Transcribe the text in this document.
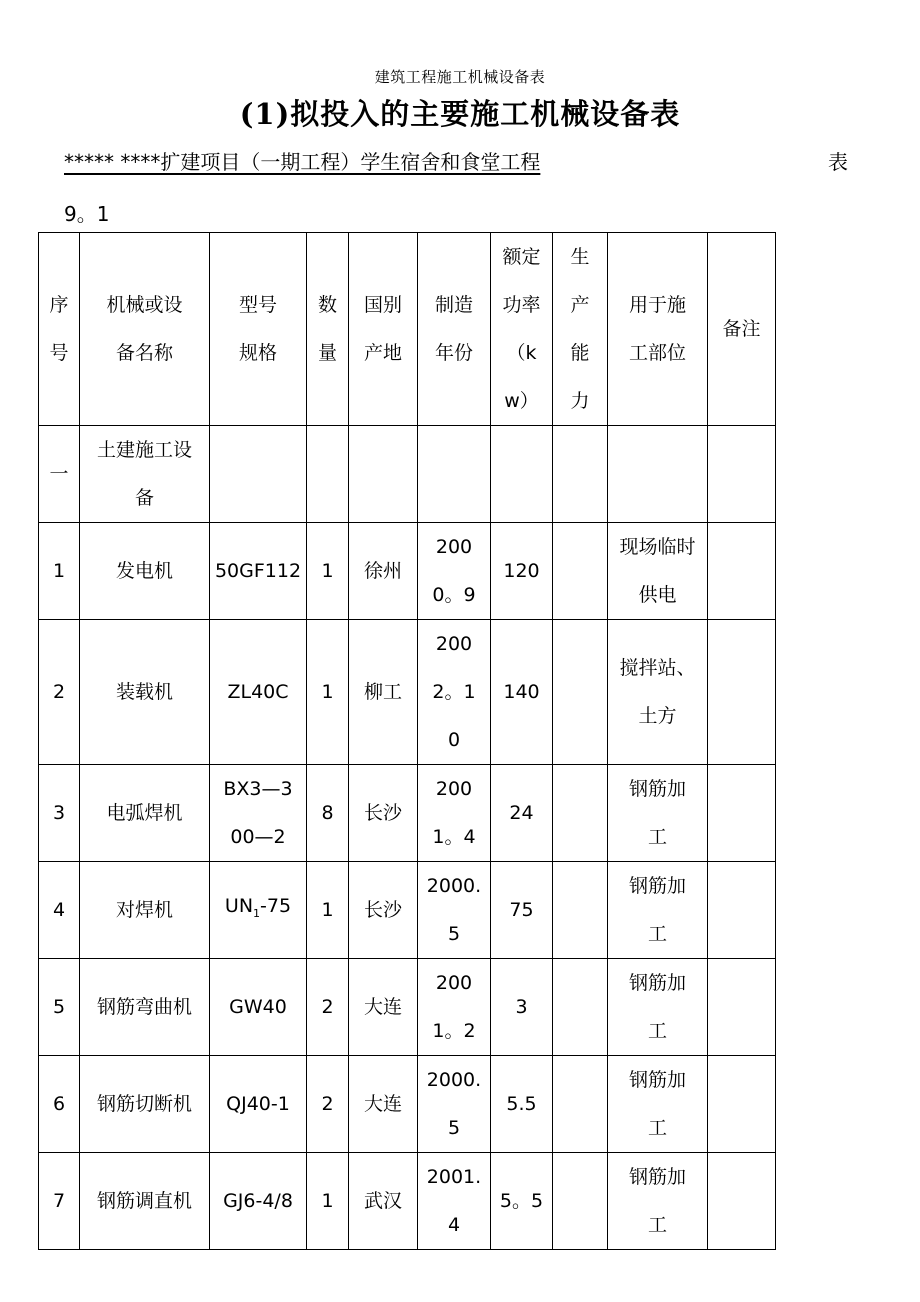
建筑工程施工机械设备表
(1)拟投入的主要施工机械设备表
***** ****扩建项目（一期工程）学生宿舍和食堂工程	表
9。1
序号	机械或设备名称	型号规格	数量	国别产地	制造年份	额定功率（kw）	生产能力	用于施工部位	备注
一	土建施工设备								
1	发电机	50GF112	1	徐州	2000。9	120		现场临时供电	
2	装载机	ZL40C	1	柳工	2002。10	140		搅拌站、土方	
3	电弧焊机	BX3—300—2	8	长沙	2001。4	24		钢筋加工	
4	对焊机	$UN_1-75$	1	长沙	2000.5	75		钢筋加工	
5	钢筋弯曲机	GW40	2	大连	2001。2	3		钢筋加工	
6	钢筋切断机	QJ40-1	2	大连	2000.5	5.5		钢筋加工	
7	钢筋调直机	GJ6-4/8	1	武汉	2001.4	5。5		钢筋加工	
